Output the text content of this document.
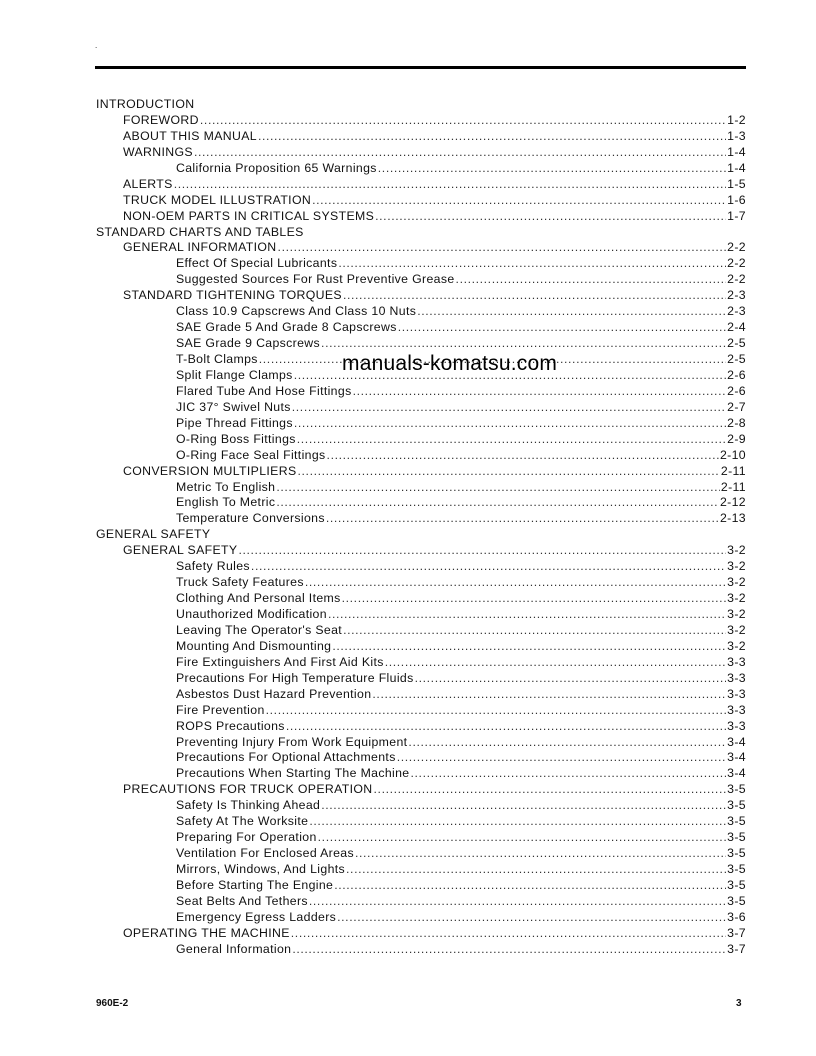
.
INTRODUCTION
FOREWORD .....	1-2
ABOUT THIS MANUAL .....	1-3
WARNINGS .....	1-4
California Proposition 65 Warnings .....	1-4
ALERTS .....	1-5
TRUCK MODEL ILLUSTRATION .....	1-6
NON-OEM PARTS IN CRITICAL SYSTEMS .....	1-7
STANDARD CHARTS AND TABLES
GENERAL INFORMATION .....	2-2
Effect Of Special Lubricants .....	2-2
Suggested Sources For Rust Preventive Grease .....	2-2
STANDARD TIGHTENING TORQUES .....	2-3
Class 10.9 Capscrews And Class 10 Nuts .....	2-3
SAE Grade 5 And Grade 8 Capscrews .....	2-4
SAE Grade 9 Capscrews .....	2-5
T-Bolt Clamps .....	2-5
Split Flange Clamps .....	2-6
Flared Tube And Hose Fittings .....	2-6
JIC 37° Swivel Nuts .....	2-7
Pipe Thread Fittings .....	2-8
O-Ring Boss Fittings .....	2-9
O-Ring Face Seal Fittings .....	2-10
CONVERSION MULTIPLIERS .....	2-11
Metric To English .....	2-11
English To Metric .....	2-12
Temperature Conversions .....	2-13
GENERAL SAFETY
GENERAL SAFETY .....	3-2
Safety Rules .....	3-2
Truck Safety Features .....	3-2
Clothing And Personal Items .....	3-2
Unauthorized Modification .....	3-2
Leaving The Operator's Seat .....	3-2
Mounting And Dismounting .....	3-2
Fire Extinguishers And First Aid Kits .....	3-3
Precautions For High Temperature Fluids .....	3-3
Asbestos Dust Hazard Prevention .....	3-3
Fire Prevention .....	3-3
ROPS Precautions .....	3-3
Preventing Injury From Work Equipment .....	3-4
Precautions For Optional Attachments .....	3-4
Precautions When Starting The Machine .....	3-4
PRECAUTIONS FOR TRUCK OPERATION .....	3-5
Safety Is Thinking Ahead .....	3-5
Safety At The Worksite .....	3-5
Preparing For Operation .....	3-5
Ventilation For Enclosed Areas .....	3-5
Mirrors, Windows, And Lights .....	3-5
Before Starting The Engine .....	3-5
Seat Belts And Tethers .....	3-5
Emergency Egress Ladders .....	3-6
OPERATING THE MACHINE .....	3-7
General Information .....	3-7
manuals-komatsu.com
960E-2	3
